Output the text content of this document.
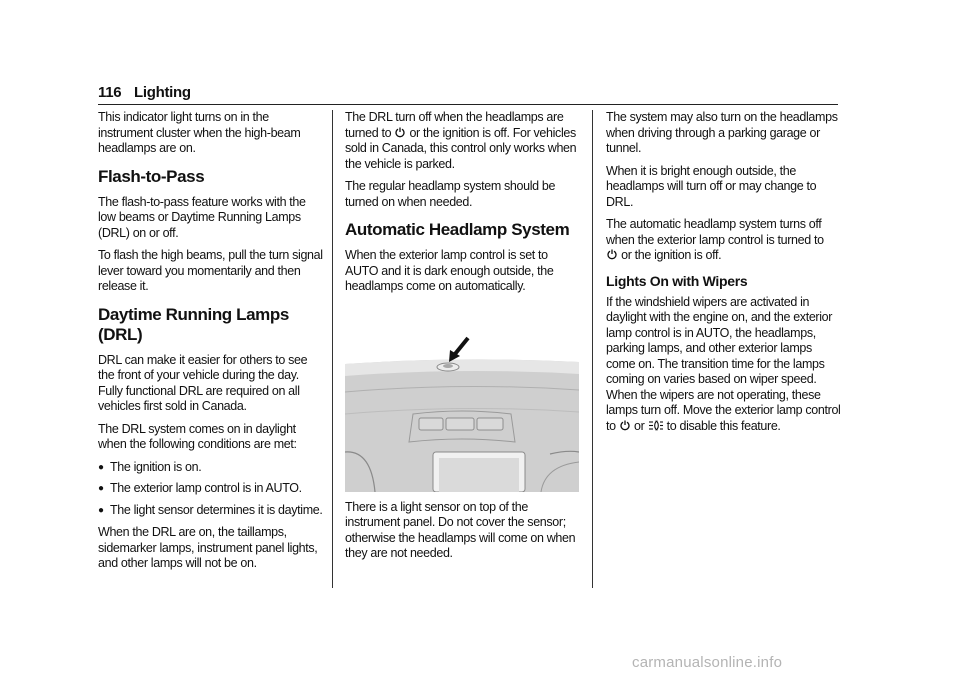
116 Lighting

This indicator light turns on in the instrument cluster when the high-beam headlamps are on.

Flash-to-Pass

The flash-to-pass feature works with the low beams or Daytime Running Lamps (DRL) on or off.

To flash the high beams, pull the turn signal lever toward you momentarily and then release it.

Daytime Running Lamps (DRL)

DRL can make it easier for others to see the front of your vehicle during the day. Fully functional DRL are required on all vehicles first sold in Canada.

The DRL system comes on in daylight when the following conditions are met:

● The ignition is on.
● The exterior lamp control is in AUTO.
● The light sensor determines it is daytime.

When the DRL are on, the taillamps, sidemarker lamps, instrument panel lights, and other lamps will not be on.

The DRL turn off when the headlamps are turned to or the ignition is off. For vehicles sold in Canada, this control only works when the vehicle is parked.

The regular headlamp system should be turned on when needed.

Automatic Headlamp System

When the exterior lamp control is set to AUTO and it is dark enough outside, the headlamps come on automatically.

There is a light sensor on top of the instrument panel. Do not cover the sensor; otherwise the headlamps will come on when they are not needed.

The system may also turn on the headlamps when driving through a parking garage or tunnel.

When it is bright enough outside, the headlamps will turn off or may change to DRL.

The automatic headlamp system turns off when the exterior lamp control is turned to

or the ignition is off.

Lights On with Wipers

If the windshield wipers are activated in daylight with the engine on, and the exterior lamp control is in AUTO, the headlamps, parking lamps, and other exterior lamps come on. The transition time for the lamps coming on varies based on wiper speed. When the wipers are not operating, these lamps turn off. Move the exterior lamp control to or to disable this feature.

carmanualsonline.info
